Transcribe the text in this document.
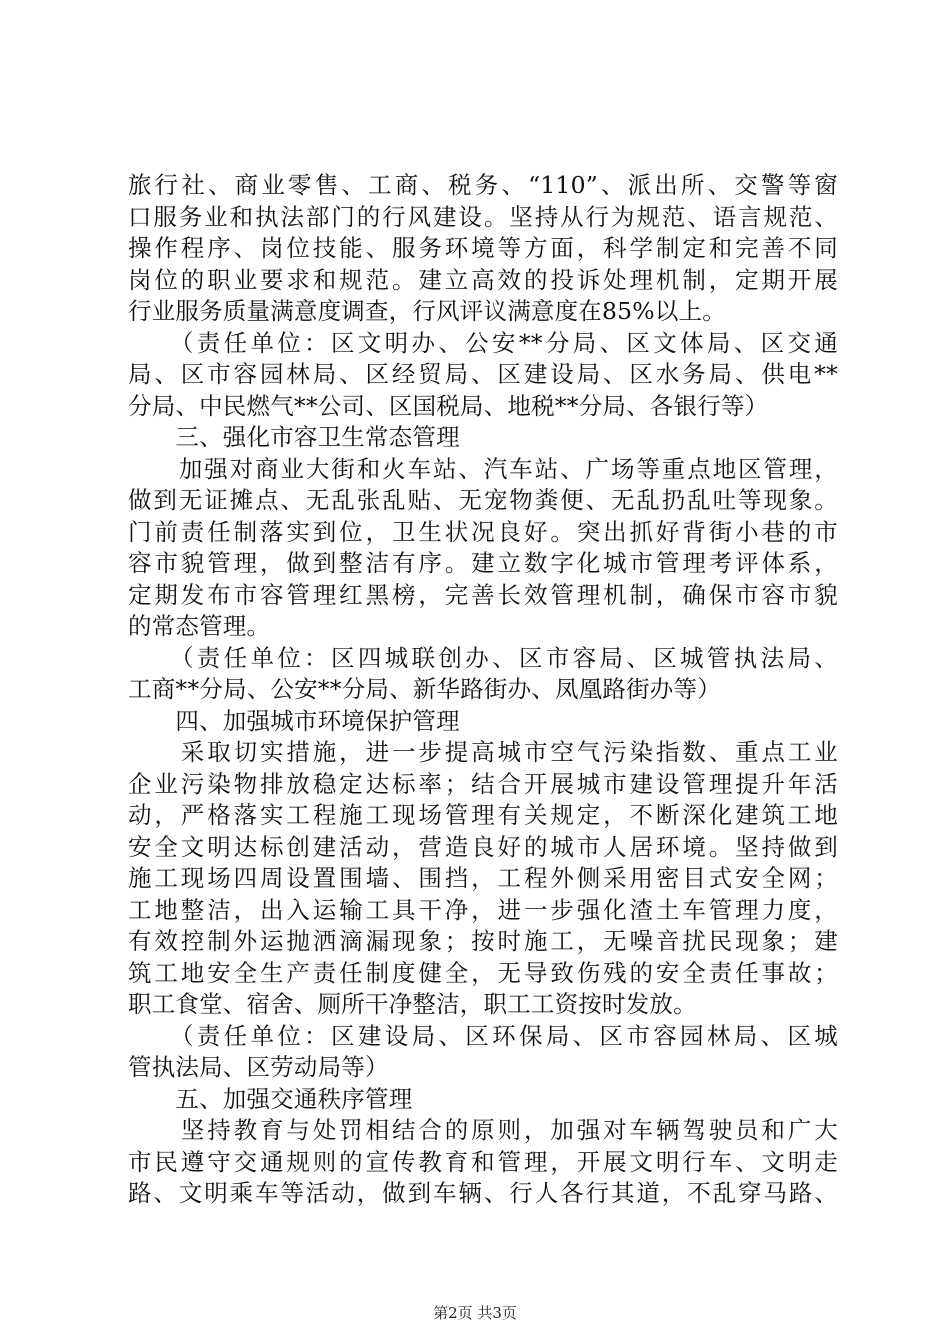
旅行社、商业零售、工商、税务、“110”、派出所、交警等窗
口服务业和执法部门的行风建设。坚持从行为规范、语言规范、
操作程序、岗位技能、服务环境等方面，科学制定和完善不同
岗位的职业要求和规范。建立高效的投诉处理机制，定期开展
行业服务质量满意度调查，行风评议满意度在85%以上。
　　（责任单位：区文明办、公安**分局、区文体局、区交通
局、区市容园林局、区经贸局、区建设局、区水务局、供电**
分局、中民燃气**公司、区国税局、地税**分局、各银行等）
　　三、强化市容卫生常态管理
　　加强对商业大街和火车站、汽车站、广场等重点地区管理，
做到无证摊点、无乱张乱贴、无宠物粪便、无乱扔乱吐等现象。
门前责任制落实到位，卫生状况良好。突出抓好背街小巷的市
容市貌管理，做到整洁有序。建立数字化城市管理考评体系，
定期发布市容管理红黑榜，完善长效管理机制，确保市容市貌
的常态管理。
　　（责任单位：区四城联创办、区市容局、区城管执法局、
工商**分局、公安**分局、新华路街办、凤凰路街办等）
　　四、加强城市环境保护管理
　　采取切实措施，进一步提高城市空气污染指数、重点工业
企业污染物排放稳定达标率；结合开展城市建设管理提升年活
动，严格落实工程施工现场管理有关规定，不断深化建筑工地
安全文明达标创建活动，营造良好的城市人居环境。坚持做到
施工现场四周设置围墙、围挡，工程外侧采用密目式安全网；
工地整洁，出入运输工具干净，进一步强化渣土车管理力度，
有效控制外运抛洒滴漏现象；按时施工，无噪音扰民现象；建
筑工地安全生产责任制度健全，无导致伤残的安全责任事故；
职工食堂、宿舍、厕所干净整洁，职工工资按时发放。
　　（责任单位：区建设局、区环保局、区市容园林局、区城
管执法局、区劳动局等）
　　五、加强交通秩序管理
　　坚持教育与处罚相结合的原则，加强对车辆驾驶员和广大
市民遵守交通规则的宣传教育和管理，开展文明行车、文明走
路、文明乘车等活动，做到车辆、行人各行其道，不乱穿马路、
第2页 共3页
